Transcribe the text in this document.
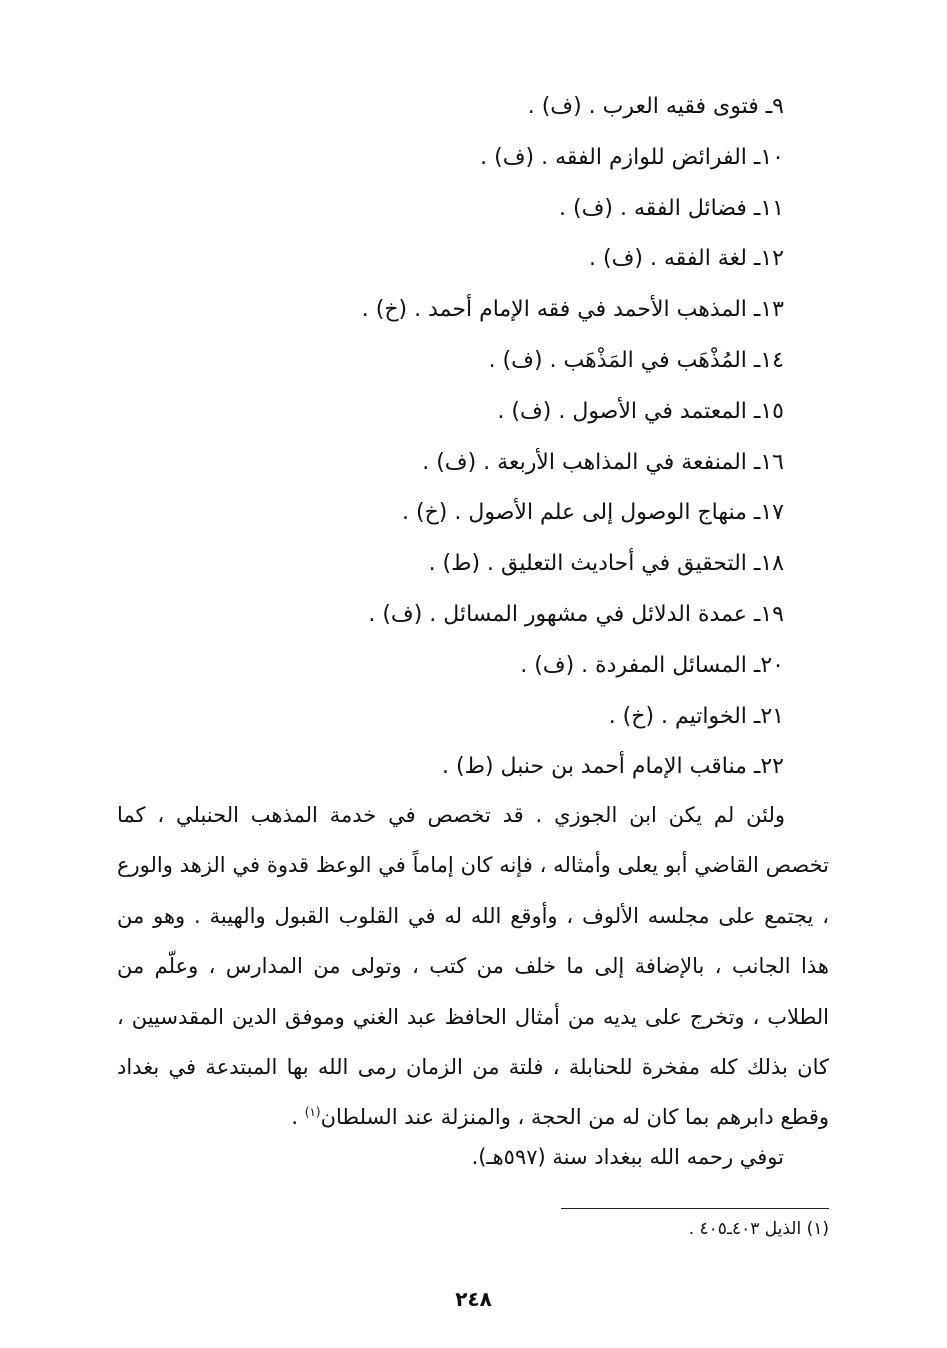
٩ـ فتوى فقيه العرب . (ف) .
١٠ـ الفرائض للوازم الفقه . (ف) .
١١ـ فضائل الفقه . (ف) .
١٢ـ لغة الفقه . (ف) .
١٣ـ المذهب الأحمد في فقه الإمام أحمد . (خ) .
١٤ـ المُذْهَب في المَذْهَب . (ف) .
١٥ـ المعتمد في الأصول . (ف) .
١٦ـ المنفعة في المذاهب الأربعة . (ف) .
١٧ـ منهاج الوصول إلى علم الأصول . (خ) .
١٨ـ التحقيق في أحاديث التعليق . (ط) .
١٩ـ عمدة الدلائل في مشهور المسائل . (ف) .
٢٠ـ المسائل المفردة . (ف) .
٢١ـ الخواتيم . (خ) .
٢٢ـ مناقب الإمام أحمد بن حنبل (ط) .

ولئن لم يكن ابن الجوزي . قد تخصص في خدمة المذهب الحنبلي ، كما تخصص القاضي أبو يعلى وأمثاله ، فإنه كان إماماً في الوعظ قدوة في الزهد والورع ، يجتمع على مجلسه الألوف ، وأوقع الله له في القلوب القبول والهيبة . وهو من هذا الجانب ، بالإضافة إلى ما خلف من كتب ، وتولى من المدارس ، وعلّم من الطلاب ، وتخرج على يديه من أمثال الحافظ عبد الغني وموفق الدين المقدسيين ، كان بذلك كله مفخرة للحنابلة ، فلتة من الزمان رمى الله بها المبتدعة في بغداد وقطع دابرهم بما كان له من الحجة ، والمنزلة عند السلطان$^{(١)}$ .

توفي رحمه الله ببغداد سنة (٥٩٧هـ).

(١) الذيل ٤٠٣ـ٤٠٥ .

٢٤٨
